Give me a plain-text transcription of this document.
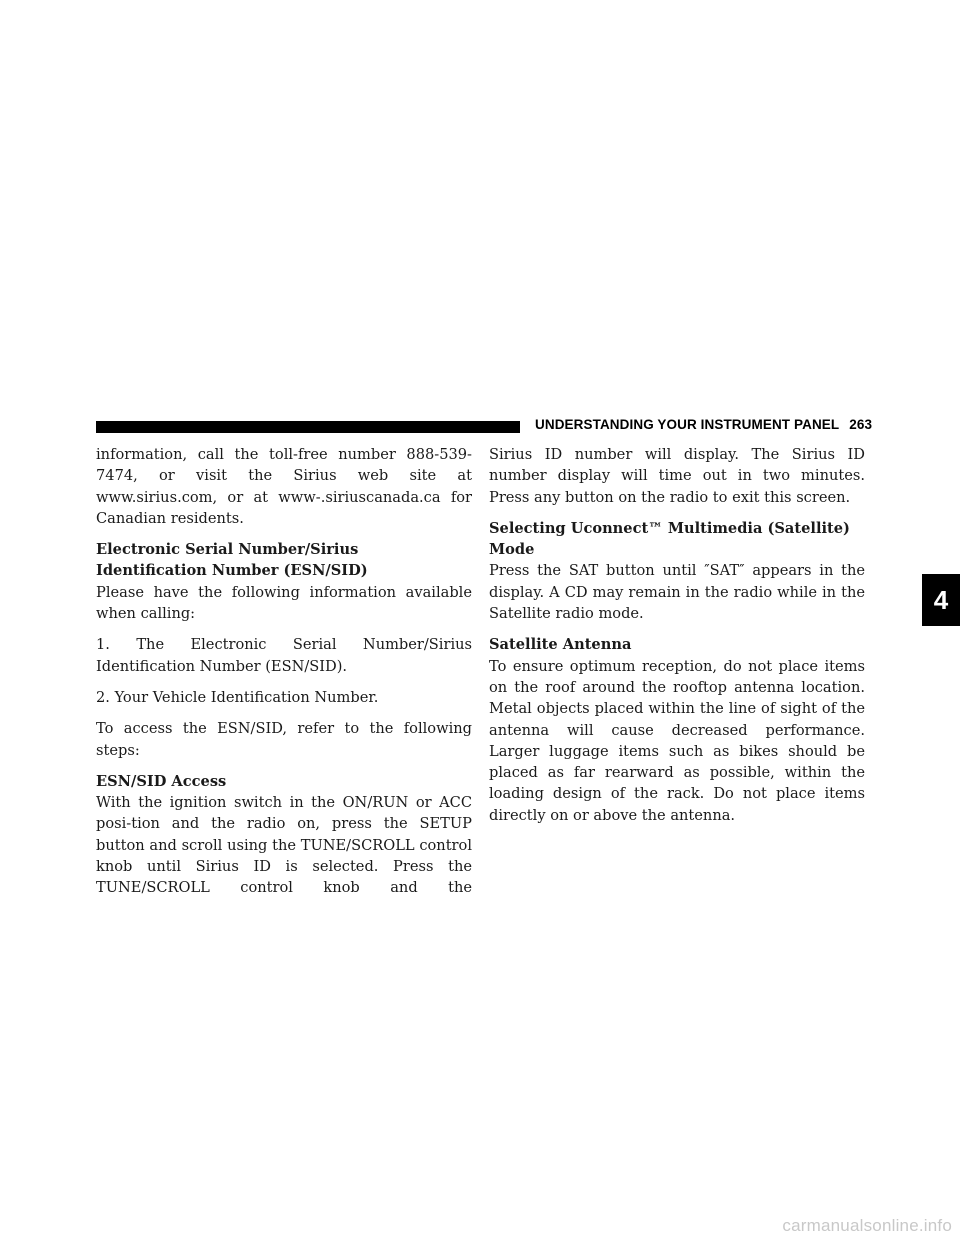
UNDERSTANDING YOUR INSTRUMENT PANEL 263

information, call the toll-free number 888-539-7474, or visit the Sirius web site at www.sirius.com, or at www-.siriuscanada.ca for Canadian residents.

Electronic Serial Number/Sirius Identification Number (ESN/SID)

Please have the following information available when calling:

1. The Electronic Serial Number/Sirius Identification Number (ESN/SID).

2. Your Vehicle Identification Number.

To access the ESN/SID, refer to the following steps:

ESN/SID Access

With the ignition switch in the ON/RUN or ACC posi-tion and the radio on, press the SETUP button and scroll using the TUNE/SCROLL control knob until Sirius ID is selected. Press the TUNE/SCROLL control knob and the

Sirius ID number will display. The Sirius ID number display will time out in two minutes. Press any button on the radio to exit this screen.

Selecting Uconnect™ Multimedia (Satellite) Mode

Press the SAT button until ″SAT″ appears in the display. A CD may remain in the radio while in the Satellite radio mode.

Satellite Antenna

To ensure optimum reception, do not place items on the roof around the rooftop antenna location. Metal objects placed within the line of sight of the antenna will cause decreased performance. Larger luggage items such as bikes should be placed as far rearward as possible, within the loading design of the rack. Do not place items directly on or above the antenna.

4
carmanualsonline.info
